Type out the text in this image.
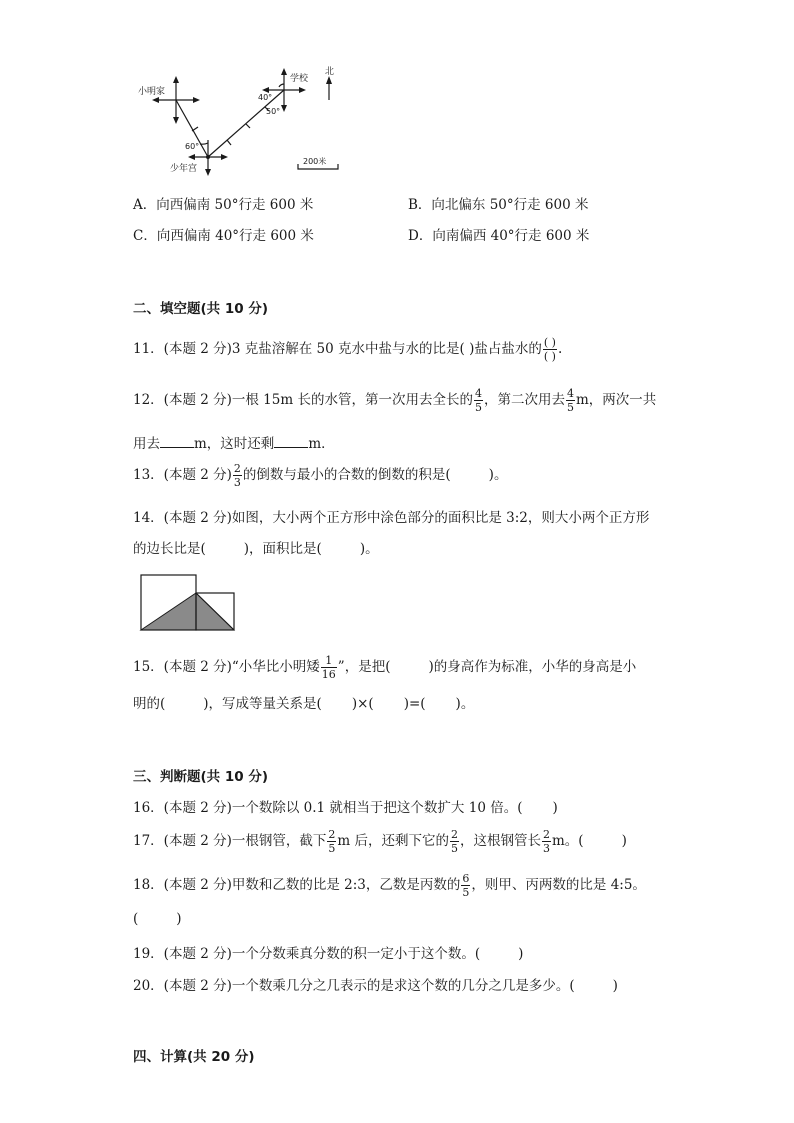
小明家
学校
少年宫
北
60°
40°
50°
200米
A．向西偏南 50°行走 600 米	B．向北偏东 50°行走 600 米
C．向西偏南 40°行走 600 米	D．向南偏西 40°行走 600 米
二、填空题(共 10 分)
11．(本题 2 分)3 克盐溶解在 50 克水中盐与水的比是( )盐占盐水的 $\frac{( )}{( )}$ .
12．(本题 2 分)一根 15m 长的水管，第一次用去全长的 $\frac{4}{5}$ ，第二次用去 $\frac{4}{5}$ m，两次一共
用去	m，这时还剩	m．
13．(本题 2 分) $\frac{2}{3}$ 的倒数与最小的合数的倒数的积是(	)。
14．(本题 2 分)如图，大小两个正方形中涂色部分的面积比是 3:2，则大小两个正方形
的边长比是(	)，面积比是(	)。
15．(本题 2 分)“小华比小明矮 $\frac{1}{16}$ ”，是把(	)的身高作为标准，小华的身高是小
明的(	)，写成等量关系是( )×( )=( )。
三、判断题(共 10 分)
16．(本题 2 分)一个数除以 0.1 就相当于把这个数扩大 10 倍。( )
17．(本题 2 分)一根钢管，截下 $\frac{2}{5}$ m 后，还剩下它的 $\frac{2}{5}$ ，这根钢管长 $\frac{2}{3}$ m。(	)
18．(本题 2 分)甲数和乙数的比是 2:3，乙数是丙数的 $\frac{6}{5}$ ，则甲、丙两数的比是 4:5。
(	)
19．(本题 2 分)一个分数乘真分数的积一定小于这个数。(	)
20．(本题 2 分)一个数乘几分之几表示的是求这个数的几分之几是多少。(	)
四、计算(共 20 分)
